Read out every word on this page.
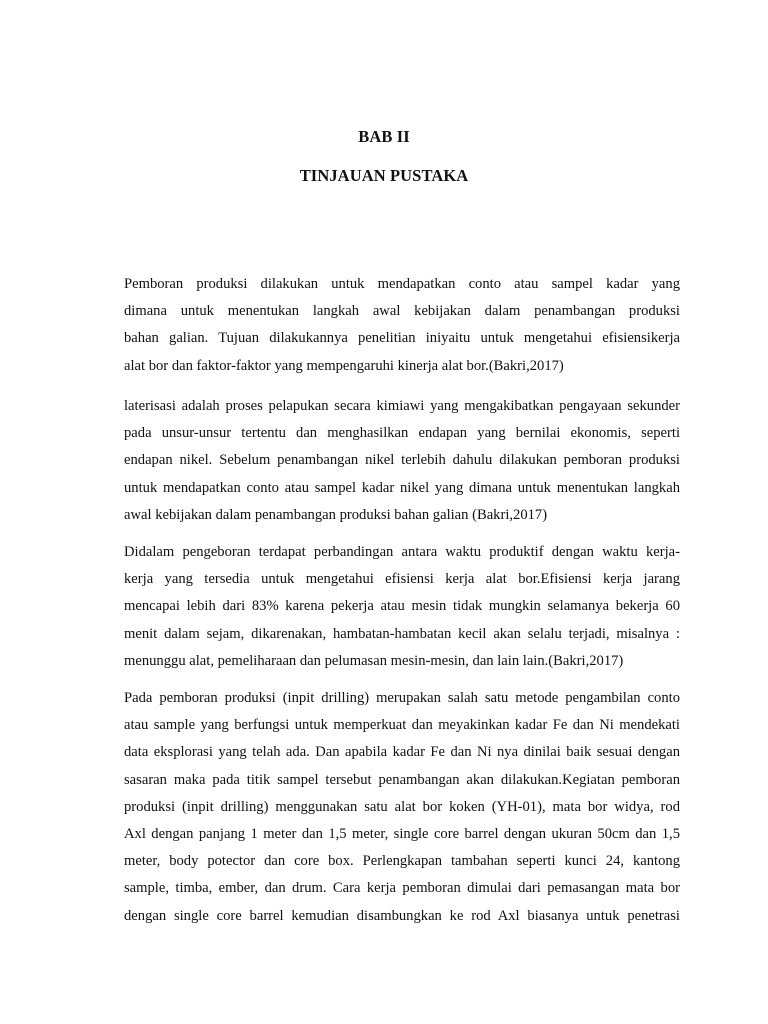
BAB II
TINJAUAN PUSTAKA
Pemboran produksi dilakukan untuk mendapatkan conto atau sampel kadar yang
dimana untuk menentukan langkah awal kebijakan dalam penambangan produksi
bahan galian. Tujuan dilakukannya penelitian iniyaitu untuk mengetahui efisiensikerja
alat bor dan faktor-faktor yang mempengaruhi kinerja alat bor.(Bakri,2017)
laterisasi adalah proses pelapukan secara kimiawi yang mengakibatkan pengayaan sekunder
pada unsur-unsur tertentu dan menghasilkan endapan yang bernilai ekonomis, seperti
endapan nikel. Sebelum penambangan nikel terlebih dahulu dilakukan pemboran produksi
untuk mendapatkan conto atau sampel kadar nikel yang dimana untuk menentukan langkah
awal kebijakan dalam penambangan produksi bahan galian (Bakri,2017)
Didalam pengeboran terdapat perbandingan antara waktu produktif dengan waktu kerja-
kerja yang tersedia untuk mengetahui efisiensi kerja alat bor.Efisiensi kerja jarang
mencapai lebih dari 83% karena pekerja atau mesin tidak mungkin selamanya bekerja 60
menit dalam sejam, dikarenakan, hambatan-hambatan kecil akan selalu terjadi, misalnya :
menunggu alat, pemeliharaan dan pelumasan mesin-mesin, dan lain lain.(Bakri,2017)
Pada pemboran produksi (inpit drilling) merupakan salah satu metode pengambilan conto
atau sample yang berfungsi untuk memperkuat dan meyakinkan kadar Fe dan Ni mendekati
data eksplorasi yang telah ada. Dan apabila kadar Fe dan Ni nya dinilai baik sesuai dengan
sasaran maka pada titik sampel tersebut penambangan akan dilakukan.Kegiatan pemboran
produksi (inpit drilling) menggunakan satu alat bor koken (YH-01), mata bor widya, rod
Axl dengan panjang 1 meter dan 1,5 meter, single core barrel dengan ukuran 50cm dan 1,5
meter, body potector dan core box. Perlengkapan tambahan seperti kunci 24, kantong
sample, timba, ember, dan drum. Cara kerja pemboran dimulai dari pemasangan mata bor
dengan single core barrel kemudian disambungkan ke rod Axl biasanya untuk penetrasi
